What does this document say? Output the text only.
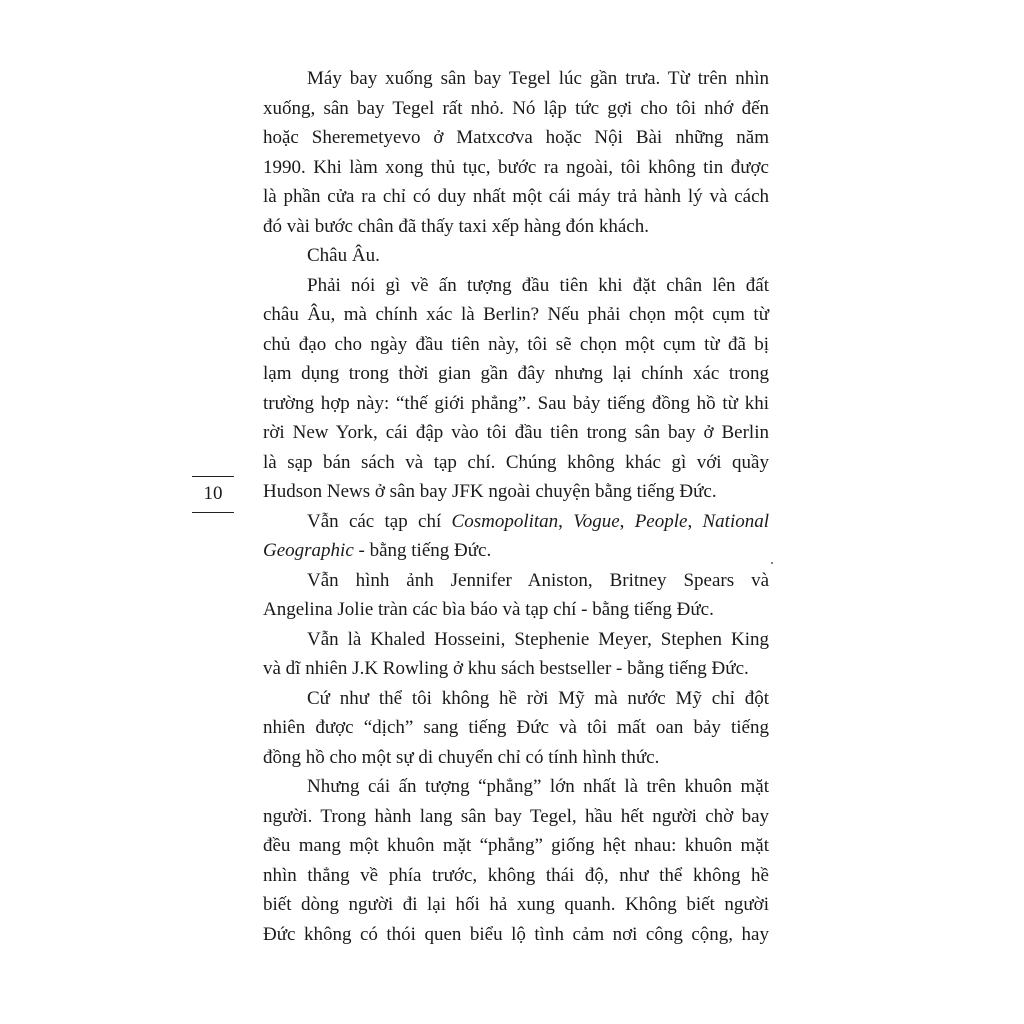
10
Máy bay xuống sân bay Tegel lúc gần trưa. Từ trên nhìn
xuống, sân bay Tegel rất nhỏ. Nó lập tức gợi cho tôi nhớ đến
hoặc Sheremetyevo ở Matxcơva hoặc Nội Bài những năm
1990. Khi làm xong thủ tục, bước ra ngoài, tôi không tin được
là phần cửa ra chỉ có duy nhất một cái máy trả hành lý và cách
đó vài bước chân đã thấy taxi xếp hàng đón khách.
Châu Âu.
Phải nói gì về ấn tượng đầu tiên khi đặt chân lên đất
châu Âu, mà chính xác là Berlin? Nếu phải chọn một cụm từ
chủ đạo cho ngày đầu tiên này, tôi sẽ chọn một cụm từ đã bị
lạm dụng trong thời gian gần đây nhưng lại chính xác trong
trường hợp này: “thế giới phẳng”. Sau bảy tiếng đồng hồ từ khi
rời New York, cái đập vào tôi đầu tiên trong sân bay ở Berlin
là sạp bán sách và tạp chí. Chúng không khác gì với quầy
Hudson News ở sân bay JFK ngoài chuyện bằng tiếng Đức.
Vẫn các tạp chí Cosmopolitan, Vogue, People, National
Geographic - bằng tiếng Đức.
Vẫn hình ảnh Jennifer Aniston, Britney Spears và
Angelina Jolie tràn các bìa báo và tạp chí - bằng tiếng Đức.
Vẫn là Khaled Hosseini, Stephenie Meyer, Stephen King
và dĩ nhiên J.K Rowling ở khu sách bestseller - bằng tiếng Đức.
Cứ như thể tôi không hề rời Mỹ mà nước Mỹ chỉ đột
nhiên được “dịch” sang tiếng Đức và tôi mất oan bảy tiếng
đồng hồ cho một sự di chuyển chỉ có tính hình thức.
Nhưng cái ấn tượng “phẳng” lớn nhất là trên khuôn mặt
người. Trong hành lang sân bay Tegel, hầu hết người chờ bay
đều mang một khuôn mặt “phẳng” giống hệt nhau: khuôn mặt
nhìn thẳng về phía trước, không thái độ, như thể không hề
biết dòng người đi lại hối hả xung quanh. Không biết người
Đức không có thói quen biểu lộ tình cảm nơi công cộng, hay
